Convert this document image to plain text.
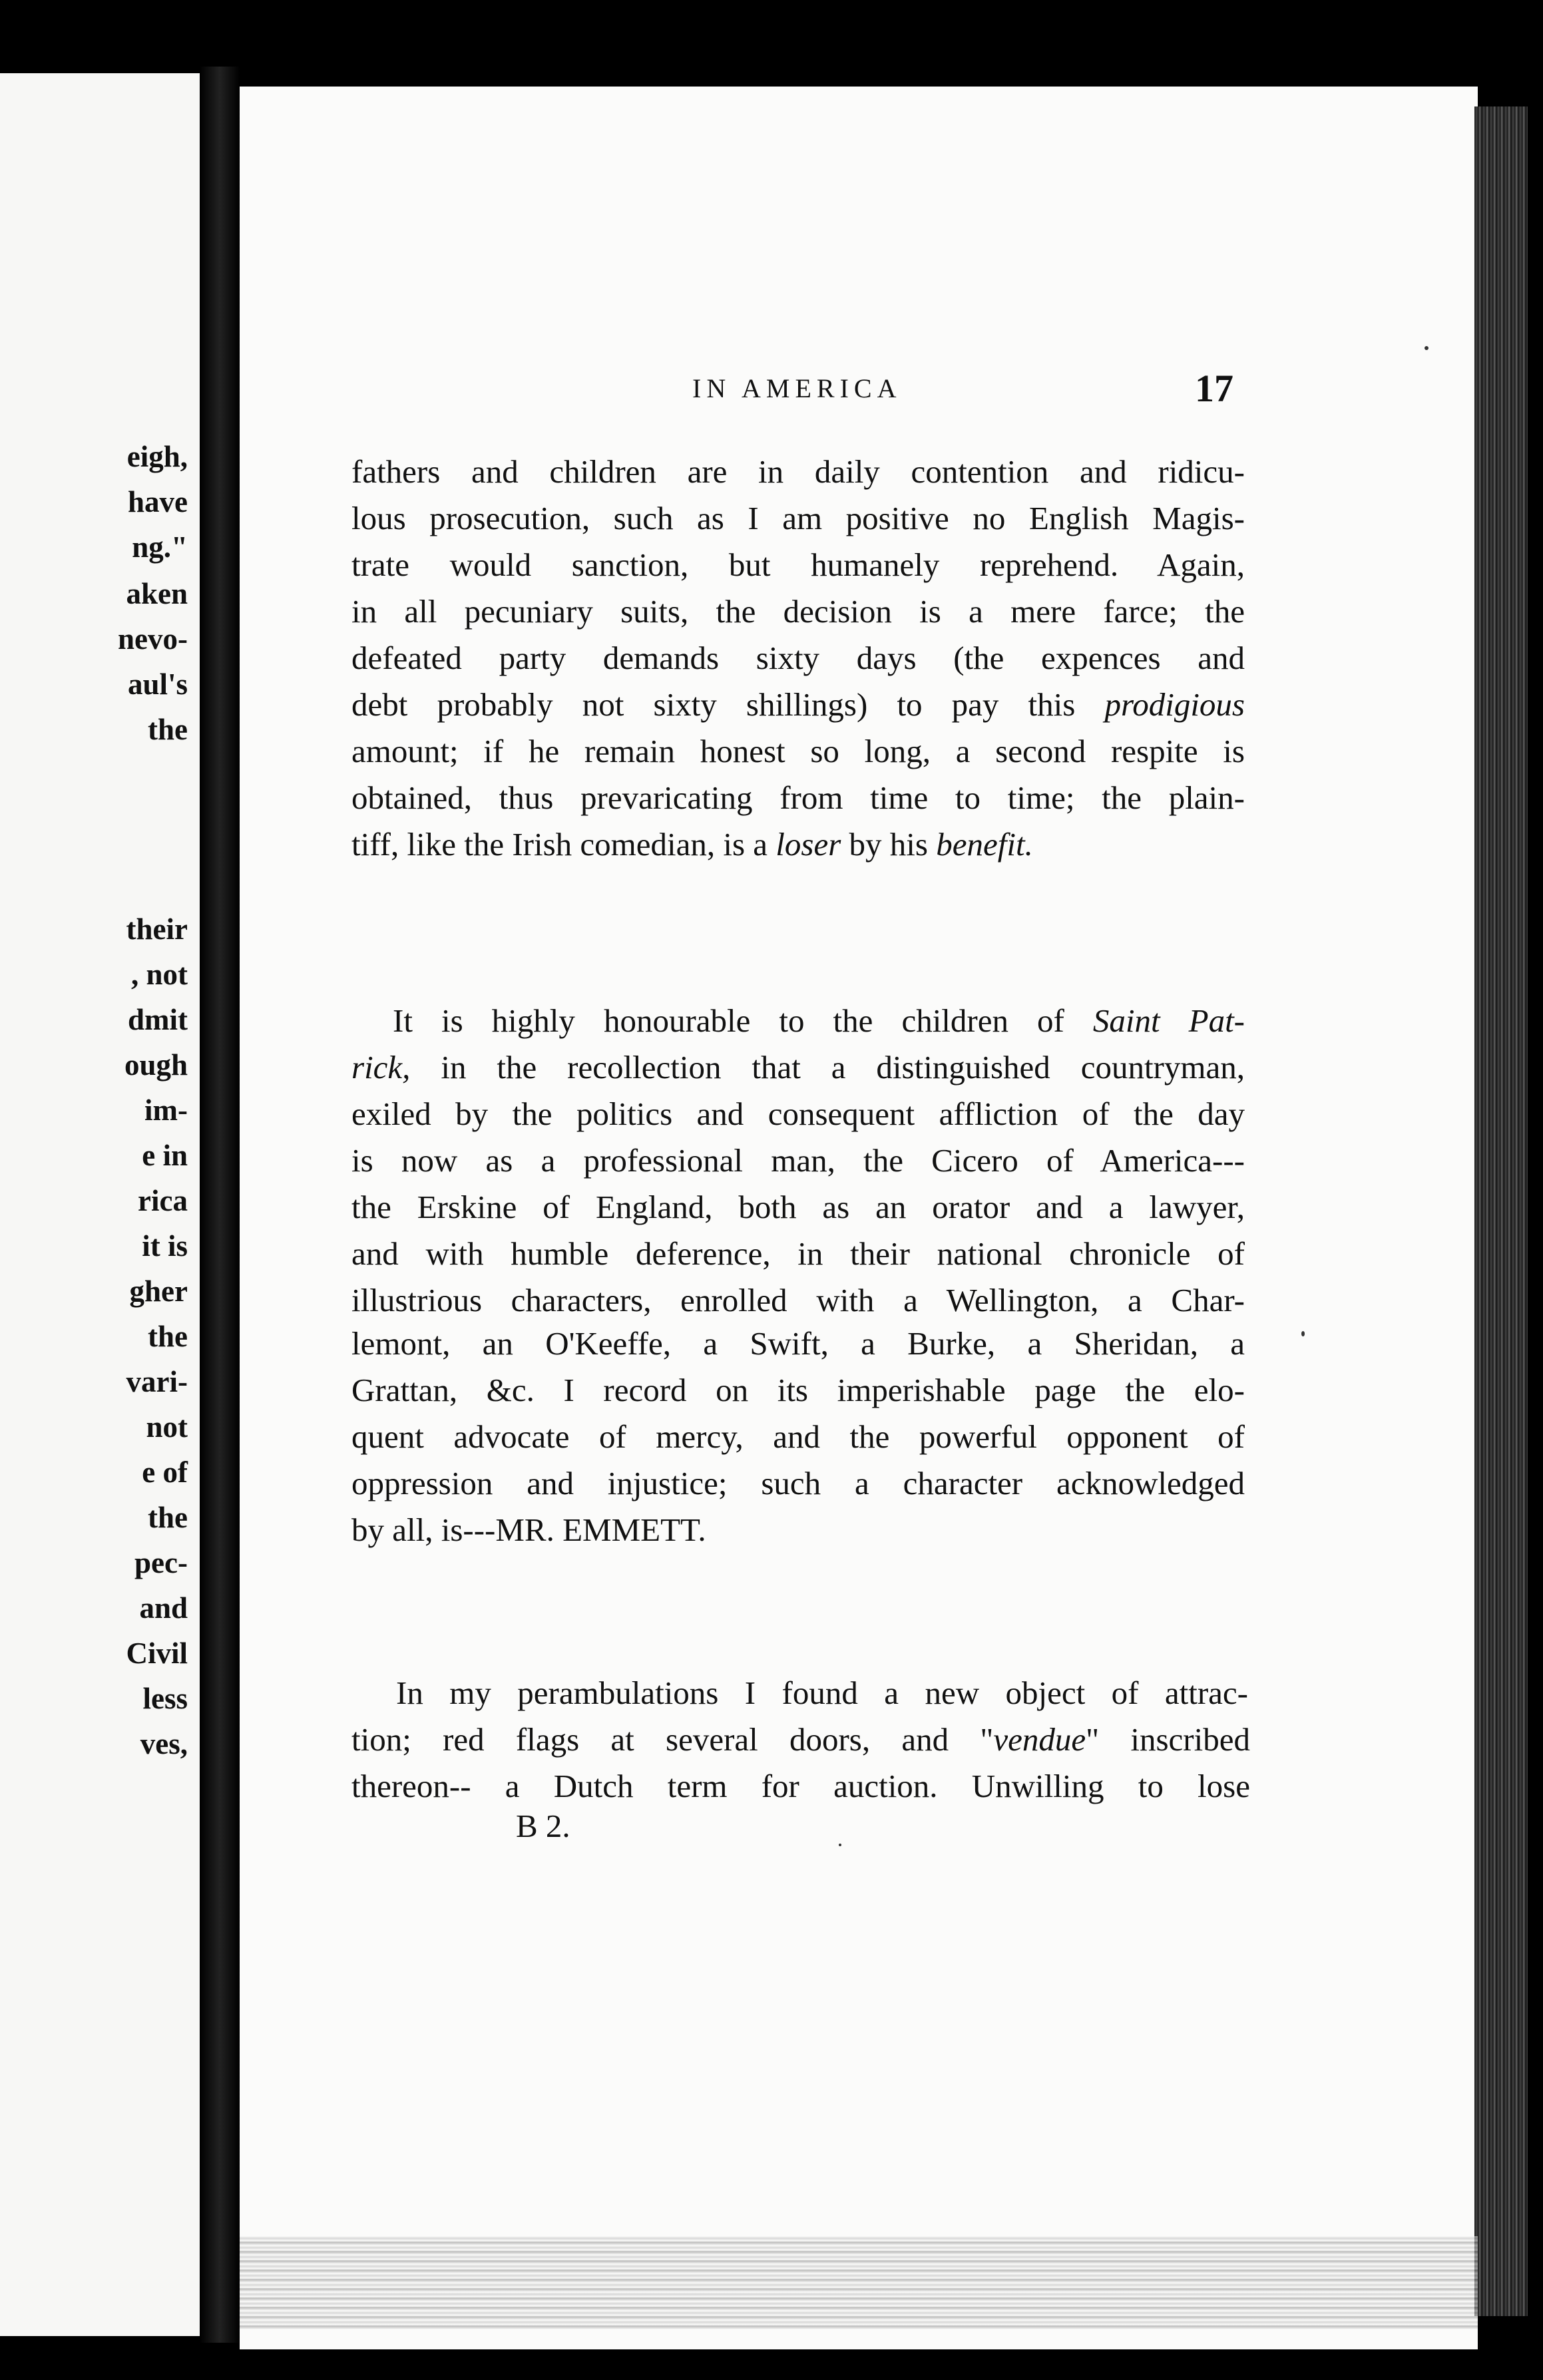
eigh,
have
ng."
aken
nevo-
aul's
the
their
, not
dmit
ough
im-
e in
rica
it is
gher
the
vari-
not
e of
the
pec-
and
Civil
less
ves,
IN AMERICA	17
fathers and children are in daily contention and ridicu-
lous prosecution, such as I am positive no English Magis-
trate would sanction, but humanely reprehend. Again,
in all pecuniary suits, the decision is a mere farce; the
defeated party demands sixty days (the expences and
debt probably not sixty shillings) to pay this prodigious
amount; if he remain honest so long, a second respite is
obtained, thus prevaricating from time to time; the plain-
tiff, like the Irish comedian, is a loser by his benefit.
It is highly honourable to the children of Saint Pat-
rick, in the recollection that a distinguished countryman,
exiled by the politics and consequent affliction of the day
is now as a professional man, the Cicero of America---
the Erskine of England, both as an orator and a lawyer,
and with humble deference, in their national chronicle of
illustrious characters, enrolled with a Wellington, a Char-
lemont, an O'Keeffe, a Swift, a Burke, a Sheridan, a
Grattan, &c. I record on its imperishable page the elo-
quent advocate of mercy, and the powerful opponent of
oppression and injustice; such a character acknowledged
by all, is---MR. EMMETT.
In my perambulations I found a new object of attrac-
tion; red flags at several doors, and "vendue" inscribed
thereon-- a Dutch term for auction. Unwilling to lose
B 2.
